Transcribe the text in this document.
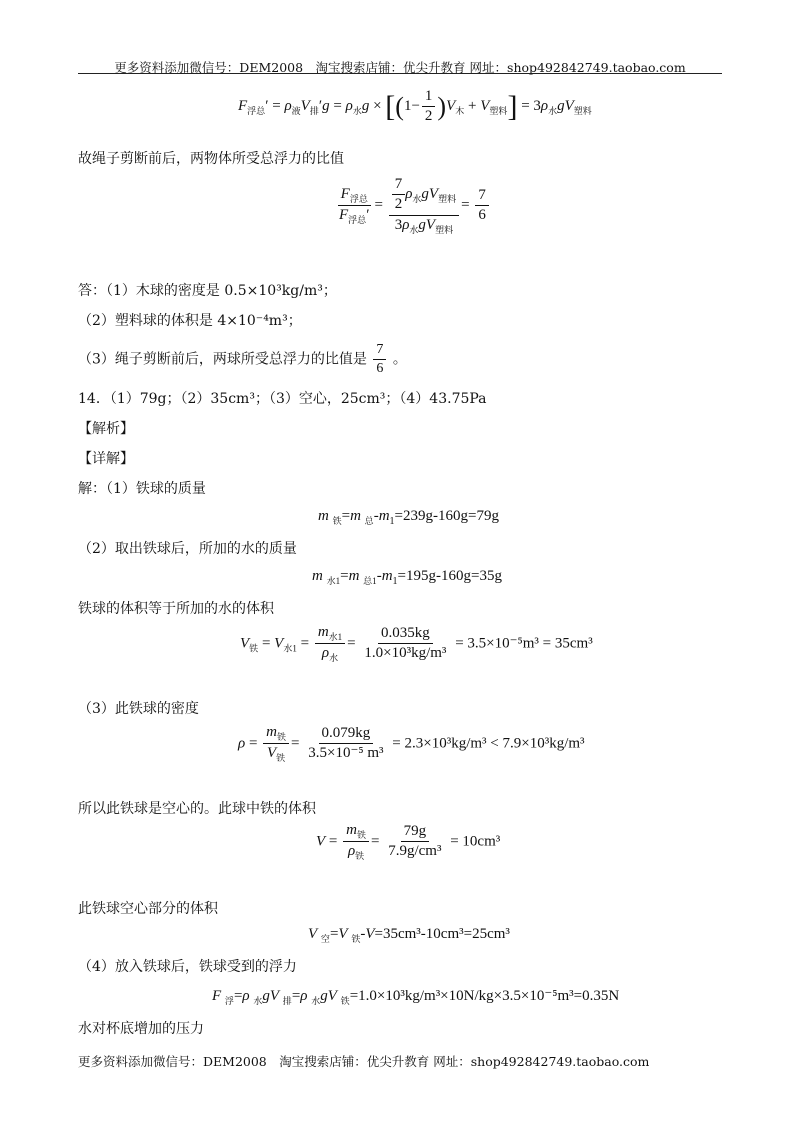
更多资料添加微信号：DEM2008　淘宝搜索店铺：优尖升教育 网址：shop492842749.taobao.com
$F_{浮总}' = \rho_液V_排'g = \rho_水g \times [(1- \frac{1}{2} )V_木 + V_{塑料}] = 3\rho_水gV_{塑料}$
故绳子剪断前后，两物体所受总浮力的比值
$\frac{F_{浮总}}{F_{浮总}'} = \frac{\frac{7}{2} \rho_水gV_{塑料}}{3\rho_水gV_{塑料}} = \frac{7}{6}$
答：（1）木球的密度是 0.5×10³kg/m³；
（2）塑料球的体积是 4×10⁻⁴m³；
（3）绳子剪断前后，两球所受总浮力的比值是 $\frac{7}{6}$ 。
14．（1）79g；（2）35cm³；（3）空心，25cm³；（4）43.75Pa
【解析】
【详解】
解：（1）铁球的质量
m $_铁$=m $_总-m_1=239g-160g=79g$
（2）取出铁球后，所加的水的质量
m $_{水1}$=m $_{总1}-m_1=195g-160g=35g$
铁球的体积等于所加的水的体积
$V_铁 = V_{水1} = \frac{m_{水1}}{\rho_水} = \frac{0.035kg}{\text{1.0×10³kg/m³}} = 3.5\times 10^{-5}m^3 = 35cm^3$
（3）此铁球的密度
$\rho = \frac{m_铁}{V_铁} = \frac{0.079kg}{\text{3.5×10⁻⁵ m³}} = 2.3\times 10^3kg/m^3 < 7.9\times 10^3kg/m^3$
所以此铁球是空心的。此球中铁的体积
$V = \frac{m_铁}{\rho_铁} = \frac{79g}{\text{7.9g/cm³}} = 10cm^3$
此铁球空心部分的体积
V $_空$=V $_铁$-V=35cm³-10cm³=25cm³
（4）放入铁球后，铁球受到的浮力
F $_浮$=ρ $_水$gV $_排$=ρ $_水$gV $_铁$=1.0×10³kg/m³×10N/kg×3.5×10⁻⁵m³=0.35N
水对杯底增加的压力
更多资料添加微信号：DEM2008　淘宝搜索店铺：优尖升教育 网址：shop492842749.taobao.com
